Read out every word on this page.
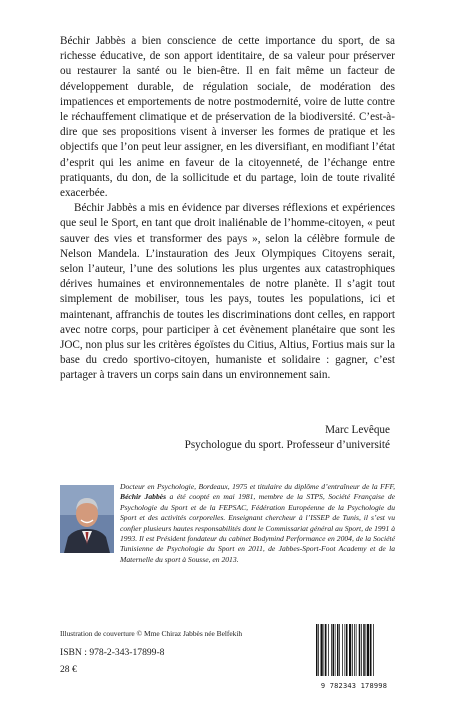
Béchir Jabbès a bien conscience de cette importance du sport, de sa richesse éducative, de son apport identitaire, de sa valeur pour préserver ou restaurer la santé ou le bien-être. Il en fait même un facteur de développement durable, de régulation sociale, de modération des impatiences et emportements de notre postmodernité, voire de lutte contre le réchauffement climatique et de préservation de la biodiversité. C’est-à-dire que ses propositions visent à inverser les formes de pratique et les objectifs que l’on peut leur assigner, en les diversifiant, en modifiant l’état d’esprit qui les anime en faveur de la citoyenneté, de l’échange entre pratiquants, du don, de la sollicitude et du partage, loin de toute rivalité exacerbée.

Béchir Jabbès a mis en évidence par diverses réflexions et expériences que seul le Sport, en tant que droit inaliénable de l’homme-citoyen, « peut sauver des vies et transformer des pays », selon la célèbre formule de Nelson Mandela. L’instauration des Jeux Olympiques Citoyens serait, selon l’auteur, l’une des solutions les plus urgentes aux catastrophiques dérives humaines et environnementales de notre planète. Il s’agit tout simplement de mobiliser, tous les pays, toutes les populations, ici et maintenant, affranchis de toutes les discriminations dont celles, en rapport avec notre corps, pour participer à cet évènement planétaire que sont les JOC, non plus sur les critères égoïstes du Citius, Altius, Fortius mais sur la base du credo sportivo-citoyen, humaniste et solidaire : gagner, c’est partager à travers un corps sain dans un environnement sain.

Marc Levêque
Psychologue du sport. Professeur d’université
Docteur en Psychologie, Bordeaux, 1975 et titulaire du diplôme d’entraîneur de la FFF, Béchir Jabbès a été coopté en mai 1981, membre de la STPS, Société Française de Psychologie du Sport et de la FEPSAC, Fédération Européenne de la Psychologie du Sport et des activités corporelles. Enseignant chercheur à l’ISSEP de Tunis, il s’est vu confier plusieurs hautes responsabilités dont le Commissariat général au Sport, de 1991 à 1993. Il est Président fondateur du cabinet Bodymind Performance en 2004, de la Société Tunisienne de Psychologie du Sport en 2011, de Jabbes-Sport-Foot Academy et de la Maternelle du sport à Sousse, en 2013.
Illustration de couverture © Mme Chiraz Jabbès née Belfekih
ISBN : 978-2-343-17899-8
28 €
9 782343 178998
